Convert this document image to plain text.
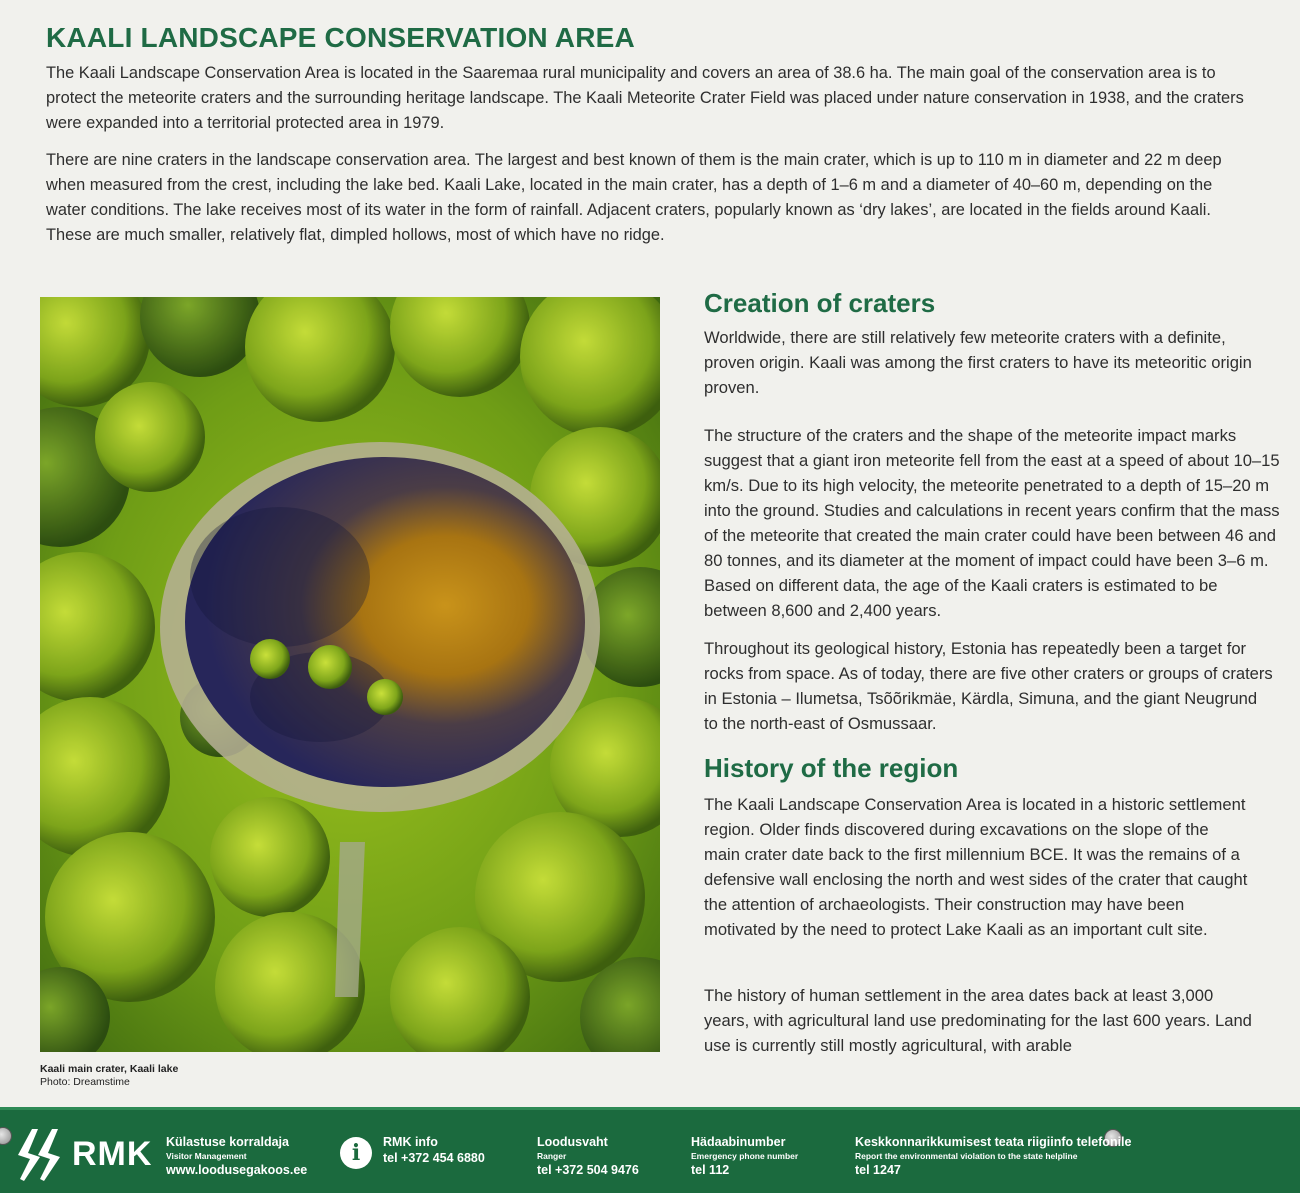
KAALI LANDSCAPE CONSERVATION AREA

The Kaali Landscape Conservation Area is located in the Saaremaa rural municipality and covers an area of 38.6 ha. The main goal of the conservation area is to protect the meteorite craters and the surrounding heritage landscape. The Kaali Meteorite Crater Field was placed under nature conservation in 1938, and the craters were expanded into a territorial protected area in 1979.

There are nine craters in the landscape conservation area. The largest and best known of them is the main crater, which is up to 110 m in diameter and 22 m deep when measured from the crest, including the lake bed. Kaali Lake, located in the main crater, has a depth of 1–6 m and a diameter of 40–60 m, depending on the water conditions. The lake receives most of its water in the form of rainfall. Adjacent craters, popularly known as ‘dry lakes’, are located in the fields around Kaali. These are much smaller, relatively flat, dimpled hollows, most of which have no ridge.

Kaali main crater, Kaali lake
Photo: Dreamstime
Creation of craters

Worldwide, there are still relatively few meteorite craters with a definite, proven origin. Kaali was among the first craters to have its meteoritic origin proven.

The structure of the craters and the shape of the meteorite impact marks suggest that a giant iron meteorite fell from the east at a speed of about 10–15 km/s. Due to its high velocity, the meteorite penetrated to a depth of 15–20 m into the ground. Studies and calculations in recent years confirm that the mass of the meteorite that created the main crater could have been between 46 and 80 tonnes, and its diameter at the moment of impact could have been 3–6 m. Based on different data, the age of the Kaali craters is estimated to be between 8,600 and 2,400 years.

Throughout its geological history, Estonia has repeatedly been a target for rocks from space. As of today, there are five other craters or groups of craters in Estonia – Ilumetsa, Tsõõrikmäe, Kärdla, Simuna, and the giant Neugrund to the north-east of Osmussaar.

History of the region

The Kaali Landscape Conservation Area is located in a historic settlement region. Older finds discovered during excavations on the slope of the main crater date back to the first millennium BCE. It was the remains of a defensive wall enclosing the north and west sides of the crater that caught the attention of archaeologists. Their construction may have been motivated by the need to protect Lake Kaali as an important cult site.

The history of human settlement in the area dates back at least 3,000 years, with agricultural land use predominating for the last 600 years. Land use is currently still mostly agricultural, with arable

RMK Külastuse korraldaja
Visitor Management
www.loodusegakoos.ee
i	RMK info
tel +372 454 6880
Loodusvaht
Ranger
tel +372 504 9476
Hädaabinumber
Emergency phone number
tel 112
Keskkonnarikkumisest teata riigiinfo telefonile
Report the environmental violation to the state helpline
tel 1247
